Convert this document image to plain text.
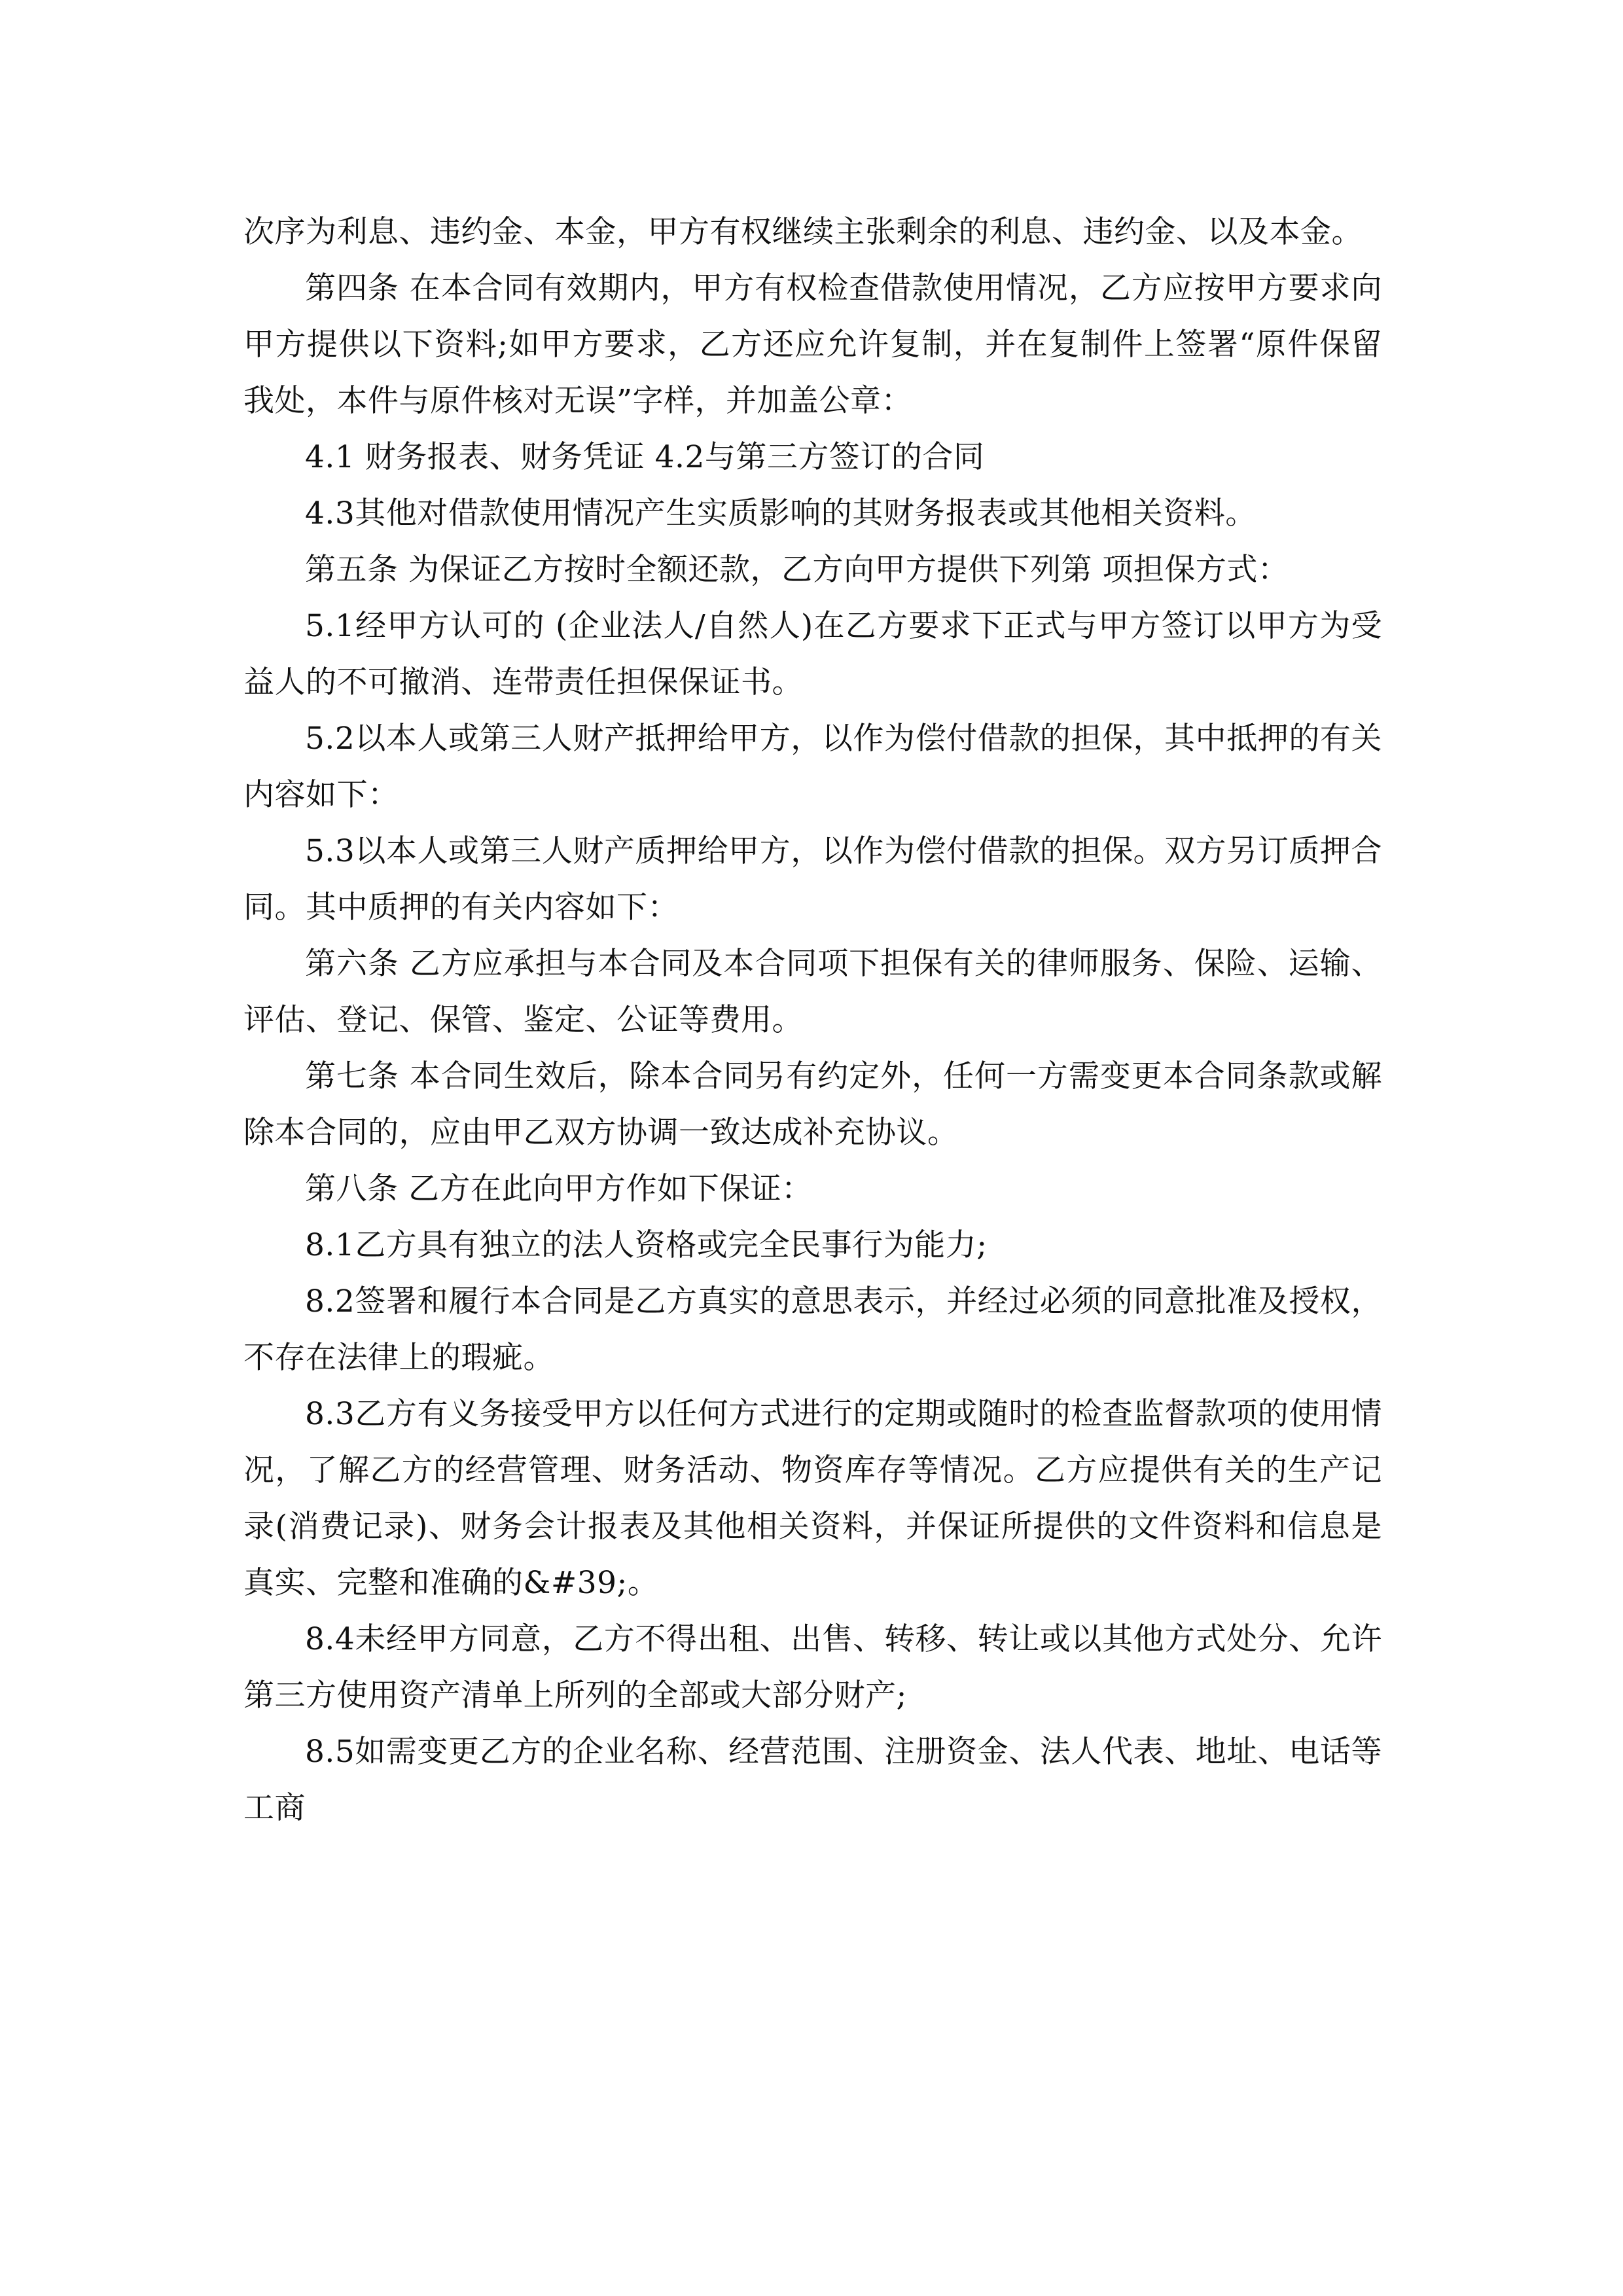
次序为利息、违约金、本金，甲方有权继续主张剩余的利息、违约金、以及本金。

第四条 在本合同有效期内，甲方有权检查借款使用情况，乙方应按甲方要求向甲方提供以下资料;如甲方要求，乙方还应允许复制，并在复制件上签署“原件保留我处，本件与原件核对无误”字样，并加盖公章：

4.1 财务报表、财务凭证 4.2与第三方签订的合同

4.3其他对借款使用情况产生实质影响的其财务报表或其他相关资料。

第五条 为保证乙方按时全额还款，乙方向甲方提供下列第 项担保方式：

5.1经甲方认可的 (企业法人/自然人)在乙方要求下正式与甲方签订以甲方为受益人的不可撤消、连带责任担保保证书。

5.2以本人或第三人财产抵押给甲方，以作为偿付借款的担保，其中抵押的有关内容如下：

5.3以本人或第三人财产质押给甲方，以作为偿付借款的担保。双方另订质押合同。其中质押的有关内容如下：

第六条 乙方应承担与本合同及本合同项下担保有关的律师服务、保险、运输、评估、登记、保管、鉴定、公证等费用。

第七条 本合同生效后，除本合同另有约定外，任何一方需变更本合同条款或解除本合同的，应由甲乙双方协调一致达成补充协议。

第八条 乙方在此向甲方作如下保证：

8.1乙方具有独立的法人资格或完全民事行为能力;

8.2签署和履行本合同是乙方真实的意思表示，并经过必须的同意批准及授权，不存在法律上的瑕疵。

8.3乙方有义务接受甲方以任何方式进行的定期或随时的检查监督款项的使用情况，了解乙方的经营管理、财务活动、物资库存等情况。乙方应提供有关的生产记录(消费记录)、财务会计报表及其他相关资料，并保证所提供的文件资料和信息是真实、完整和准确的&#39;。

8.4未经甲方同意，乙方不得出租、出售、转移、转让或以其他方式处分、允许第三方使用资产清单上所列的全部或大部分财产;

8.5如需变更乙方的企业名称、经营范围、注册资金、法人代表、地址、电话等工商
